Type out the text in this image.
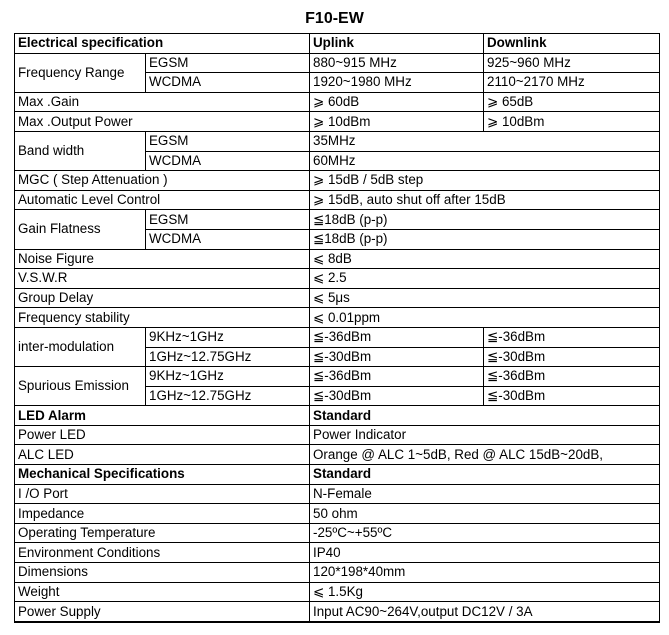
F10-EW
Electrical specification		Uplink	Downlink
Frequency Range	EGSM	880~915 MHz	925~960 MHz
	WCDMA	1920~1980 MHz	2110~2170 MHz
Max .Gain		⩾ 60dB	⩾ 65dB
Max .Output Power		⩾ 10dBm	⩾ 10dBm
Band width	EGSM	35MHz	
	WCDMA	60MHz	
MGC ( Step Attenuation )		⩾ 15dB / 5dB step	
Automatic Level Control		⩾ 15dB, auto shut off after 15dB	
Gain Flatness	EGSM	≦18dB (p-p)	
	WCDMA	≦18dB (p-p)	
Noise Figure		⩽ 8dB	
V.S.W.R		⩽ 2.5	
Group Delay		⩽ 5μs	
Frequency stability		⩽ 0.01ppm	
inter-modulation	9KHz~1GHz	≦-36dBm	≦-36dBm
	1GHz~12.75GHz	≦-30dBm	≦-30dBm
Spurious Emission	9KHz~1GHz	≦-36dBm	≦-36dBm
	1GHz~12.75GHz	≦-30dBm	≦-30dBm
LED Alarm		Standard	
Power LED		Power Indicator	
ALC LED		Orange @ ALC 1~5dB, Red @ ALC 15dB~20dB,	
Mechanical Specifications		Standard	
I /O Port		N-Female	
Impedance		50 ohm	
Operating Temperature		-25ºC~+55ºC	
Environment Conditions		IP40	
Dimensions		120*198*40mm	
Weight		⩽ 1.5Kg	
Power Supply		Input AC90~264V,output DC12V / 3A	
